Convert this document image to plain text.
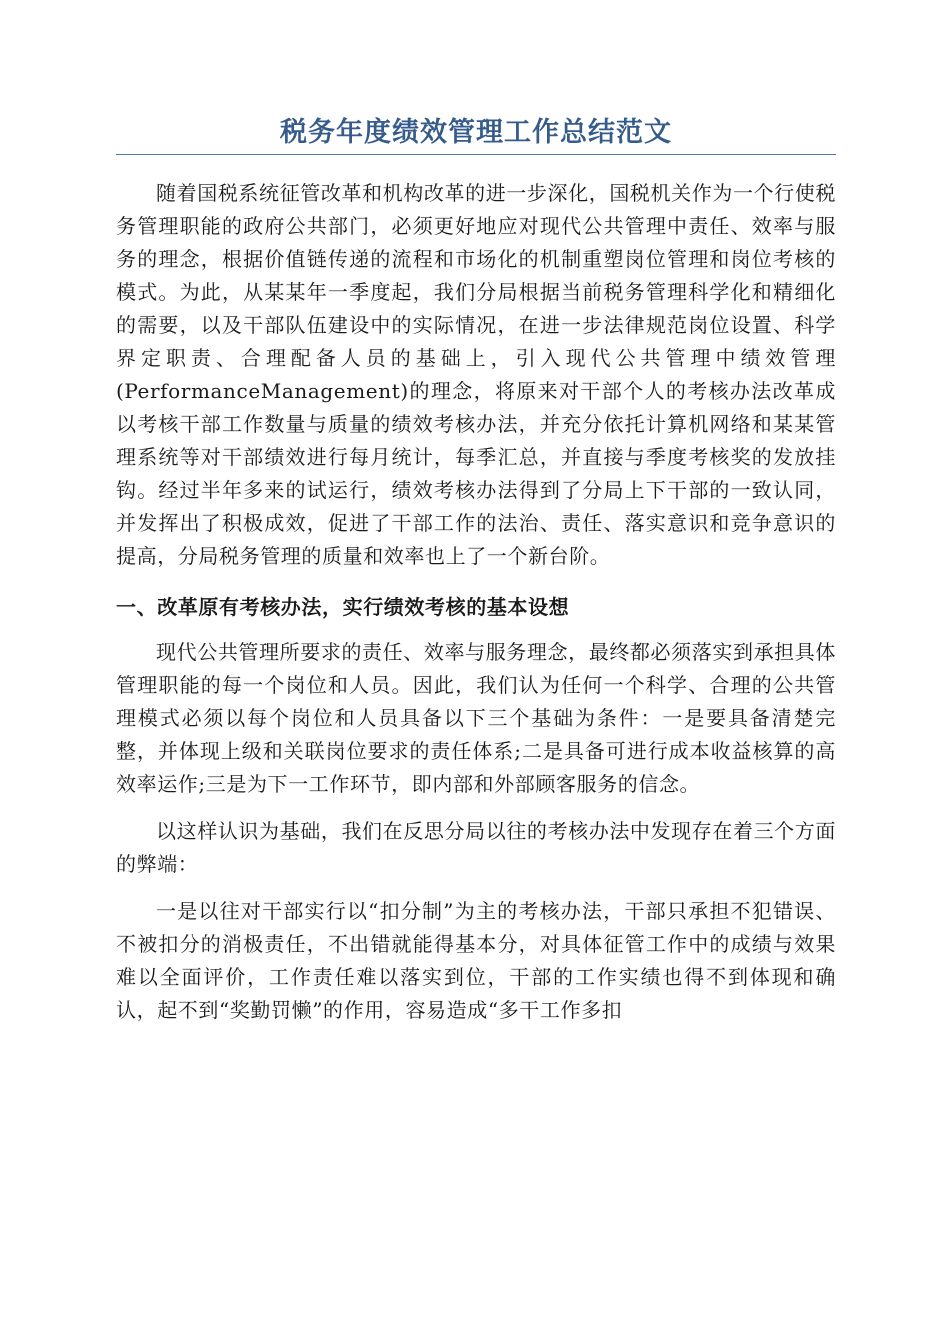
税务年度绩效管理工作总结范文

随着国税系统征管改革和机构改革的进一步深化，国税机关作为一个行使税务管理职能的政府公共部门，必须更好地应对现代公共管理中责任、效率与服务的理念，根据价值链传递的流程和市场化的机制重塑岗位管理和岗位考核的模式。为此，从某某年一季度起，我们分局根据当前税务管理科学化和精细化的需要，以及干部队伍建设中的实际情况，在进一步法律规范岗位设置、科学界定职责、合理配备人员的基础上，引入现代公共管理中绩效管理(PerformanceManagement)的理念，将原来对干部个人的考核办法改革成以考核干部工作数量与质量的绩效考核办法，并充分依托计算机网络和某某管理系统等对干部绩效进行每月统计，每季汇总，并直接与季度考核奖的发放挂钩。经过半年多来的试运行，绩效考核办法得到了分局上下干部的一致认同，并发挥出了积极成效，促进了干部工作的法治、责任、落实意识和竞争意识的提高，分局税务管理的质量和效率也上了一个新台阶。

一、改革原有考核办法，实行绩效考核的基本设想

现代公共管理所要求的责任、效率与服务理念，最终都必须落实到承担具体管理职能的每一个岗位和人员。因此，我们认为任何一个科学、合理的公共管理模式必须以每个岗位和人员具备以下三个基础为条件：一是要具备清楚完整，并体现上级和关联岗位要求的责任体系;二是具备可进行成本收益核算的高效率运作;三是为下一工作环节，即内部和外部顾客服务的信念。

以这样认识为基础，我们在反思分局以往的考核办法中发现存在着三个方面的弊端：

一是以往对干部实行以“扣分制”为主的考核办法，干部只承担不犯错误、不被扣分的消极责任，不出错就能得基本分，对具体征管工作中的成绩与效果难以全面评价，工作责任难以落实到位，干部的工作实绩也得不到体现和确认，起不到“奖勤罚懒”的作用，容易造成“多干工作多扣
